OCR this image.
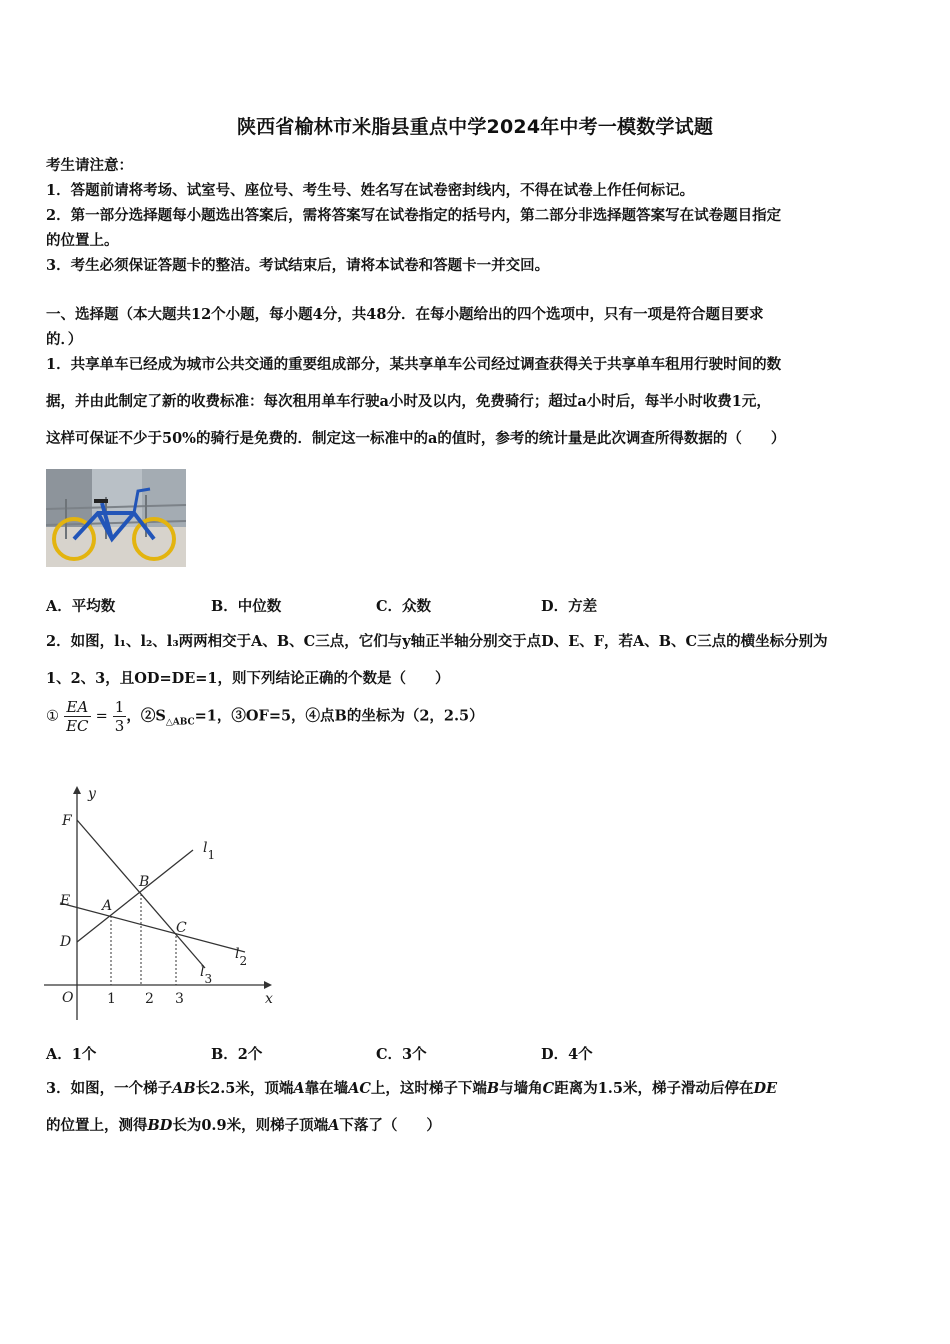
陕西省榆林市米脂县重点中学2024年中考一模数学试题
考生请注意：
1．答题前请将考场、试室号、座位号、考生号、姓名写在试卷密封线内，不得在试卷上作任何标记。
2．第一部分选择题每小题选出答案后，需将答案写在试卷指定的括号内，第二部分非选择题答案写在试卷题目指定
的位置上。
3．考生必须保证答题卡的整洁。考试结束后，请将本试卷和答题卡一并交回。
一、选择题（本大题共12个小题，每小题4分，共48分．在每小题给出的四个选项中，只有一项是符合题目要求
的．）
1．共享单车已经成为城市公共交通的重要组成部分，某共享单车公司经过调查获得关于共享单车租用行驶时间的数
据，并由此制定了新的收费标准：每次租用单车行驶a小时及以内，免费骑行；超过a小时后，每半小时收费1元，
这样可保证不少于50%的骑行是免费的．制定这一标准中的a的值时，参考的统计量是此次调查所得数据的（　　）
A．平均数	B．中位数	C．众数	D．方差
2．如图，l₁、l₂、l₃两两相交于A、B、C三点，它们与y轴正半轴分别交于点D、E、F，若A、B、C三点的横坐标分别为
1、2、3，且OD=DE=1，则下列结论正确的个数是（　　）
① $\frac{EA}{EC} = \frac{1}{3}$ ，$②S_{\triangle ABC}=1$，③OF=5，④点B的坐标为（2，2.5）
y
F
E
D
O
A
B
C
l1
l2
l3
1 2 3	x
A．1个	B．2个	C．3个	D．4个
3．如图，一个梯子AB长2.5米，顶端A靠在墙AC上，这时梯子下端B与墙角C距离为1.5米，梯子滑动后停在DE
的位置上，测得BD长为0.9米，则梯子顶端A下落了（　　）
